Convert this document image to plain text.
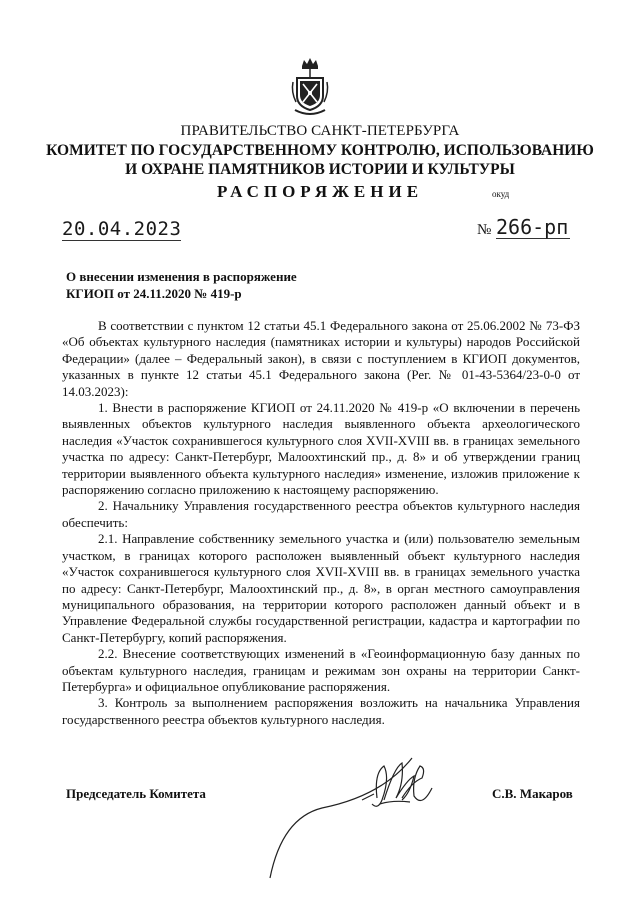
ПРАВИТЕЛЬСТВО САНКТ-ПЕТЕРБУРГА
КОМИТЕТ ПО ГОСУДАРСТВЕННОМУ КОНТРОЛЮ, ИСПОЛЬЗОВАНИЮ
И ОХРАНЕ ПАМЯТНИКОВ ИСТОРИИ И КУЛЬТУРЫ
РАСПОРЯЖЕНИЕ	окуд
20.04.2023	№ 266-рп
О внесении изменения в распоряжение
КГИОП от 24.11.2020 № 419-р

В соответствии с пунктом 12 статьи 45.1 Федерального закона от 25.06.2002 № 73-ФЗ «Об объектах культурного наследия (памятниках истории и культуры) народов Российской Федерации» (далее – Федеральный закон), в связи с поступлением в КГИОП документов, указанных в пункте 12 статьи 45.1 Федерального закона (Рег. № 01-43-5364/23-0-0 от 14.03.2023):

1. Внести в распоряжение КГИОП от 24.11.2020 № 419-р «О включении в перечень выявленных объектов культурного наследия выявленного объекта археологического наследия «Участок сохранившегося культурного слоя XVII-XVIII вв. в границах земельного участка по адресу: Санкт-Петербург, Малоохтинский пр., д. 8» и об утверждении границ территории выявленного объекта культурного наследия» изменение, изложив приложение к распоряжению согласно приложению к настоящему распоряжению.

2. Начальнику Управления государственного реестра объектов культурного наследия обеспечить:

2.1. Направление собственнику земельного участка и (или) пользователю земельным участком, в границах которого расположен выявленный объект культурного наследия «Участок сохранившегося культурного слоя XVII-XVIII вв. в границах земельного участка по адресу: Санкт-Петербург, Малоохтинский пр., д. 8», в орган местного самоуправления муниципального образования, на территории которого расположен данный объект и в Управление Федеральной службы государственной регистрации, кадастра и картографии по Санкт-Петербургу, копий распоряжения.

2.2. Внесение соответствующих изменений в «Геоинформационную базу данных по объектам культурного наследия, границам и режимам зон охраны на территории Санкт-Петербурга» и официальное опубликование распоряжения.

3. Контроль за выполнением распоряжения возложить на начальника Управления государственного реестра объектов культурного наследия.

Председатель Комитета	С.В. Макаров
